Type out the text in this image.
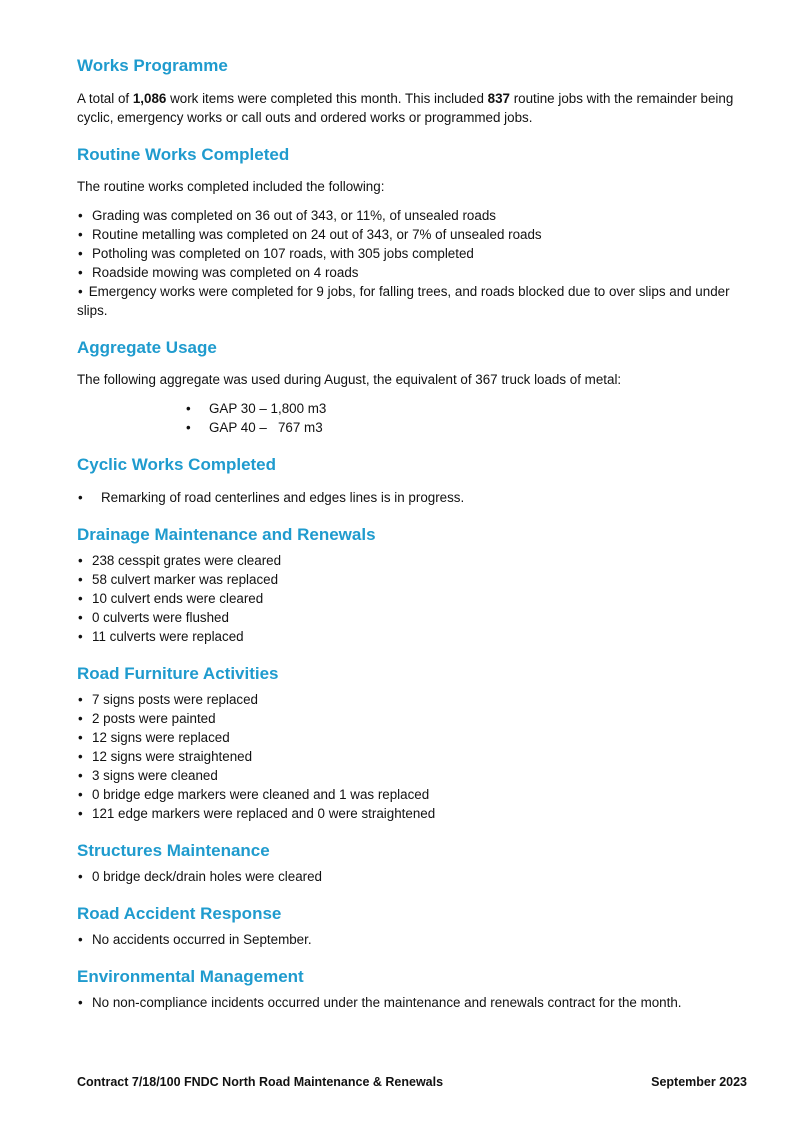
Works Programme

A total of 1,086 work items were completed this month. This included 837 routine jobs with the remainder being cyclic, emergency works or call outs and ordered works or programmed jobs.

Routine Works Completed

The routine works completed included the following:

• Grading was completed on 36 out of 343, or 11%, of unsealed roads
• Routine metalling was completed on 24 out of 343, or 7% of unsealed roads
• Potholing was completed on 107 roads, with 305 jobs completed
• Roadside mowing was completed on 4 roads
• Emergency works were completed for 9 jobs, for falling trees, and roads blocked due to over slips and under slips.
Aggregate Usage

The following aggregate was used during August, the equivalent of 367 truck loads of metal:

• GAP 30 – 1,800 m3
• GAP 40 –   767 m3
Cyclic Works Completed
• Remarking of road centerlines and edges lines is in progress.
Drainage Maintenance and Renewals
• 238 cesspit grates were cleared
• 58 culvert marker was replaced
• 10 culvert ends were cleared
• 0 culverts were flushed
• 11 culverts were replaced
Road Furniture Activities
• 7 signs posts were replaced
• 2 posts were painted
• 12 signs were replaced
• 12 signs were straightened
• 3 signs were cleaned
• 0 bridge edge markers were cleaned and 1 was replaced
• 121 edge markers were replaced and 0 were straightened
Structures Maintenance
• 0 bridge deck/drain holes were cleared
Road Accident Response
• No accidents occurred in September.
Environmental Management
• No non-compliance incidents occurred under the maintenance and renewals contract for the month.
Contract 7/18/100 FNDC North Road Maintenance & Renewals	September 2023
